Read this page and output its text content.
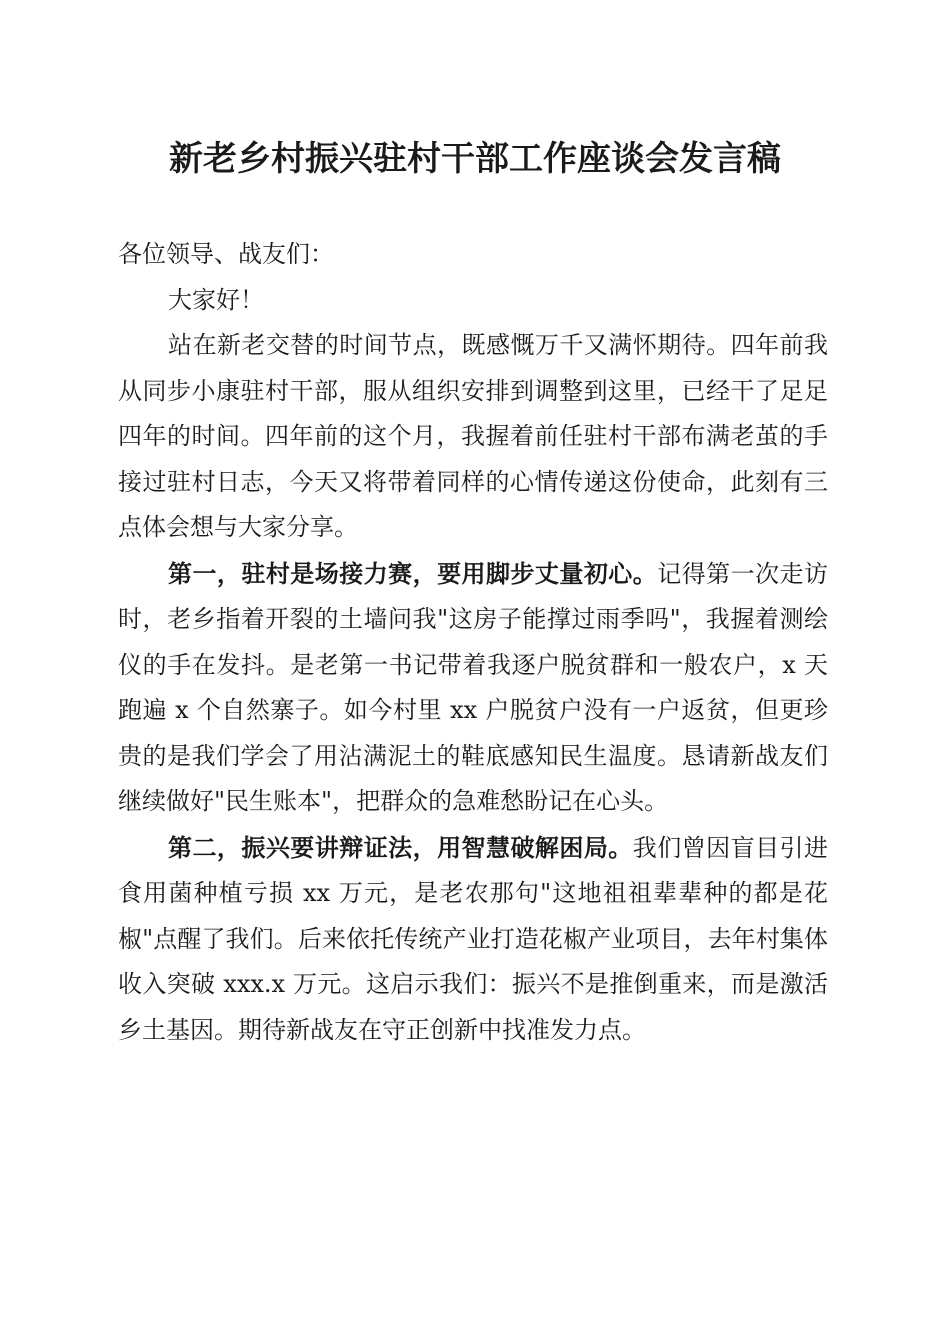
新老乡村振兴驻村干部工作座谈会发言稿

各位领导、战友们：

大家好！

站在新老交替的时间节点，既感慨万千又满怀期待。四年前我从同步小康驻村干部，服从组织安排到调整到这里，已经干了足足四年的时间。四年前的这个月，我握着前任驻村干部布满老茧的手接过驻村日志，今天又将带着同样的心情传递这份使命，此刻有三点体会想与大家分享。

第一，驻村是场接力赛，要用脚步丈量初心。记得第一次走访时，老乡指着开裂的土墙问我"这房子能撑过雨季吗"，我握着测绘仪的手在发抖。是老第一书记带着我逐户脱贫群和一般农户，x 天跑遍 x 个自然寨子。如今村里 xx 户脱贫户没有一户返贫，但更珍贵的是我们学会了用沾满泥土的鞋底感知民生温度。恳请新战友们继续做好"民生账本"，把群众的急难愁盼记在心头。

第二，振兴要讲辩证法，用智慧破解困局。我们曾因盲目引进食用菌种植亏损 xx 万元，是老农那句"这地祖祖辈辈种的都是花椒"点醒了我们。后来依托传统产业打造花椒产业项目，去年村集体收入突破 xxx.x 万元。这启示我们：振兴不是推倒重来，而是激活乡土基因。期待新战友在守正创新中找准发力点。
